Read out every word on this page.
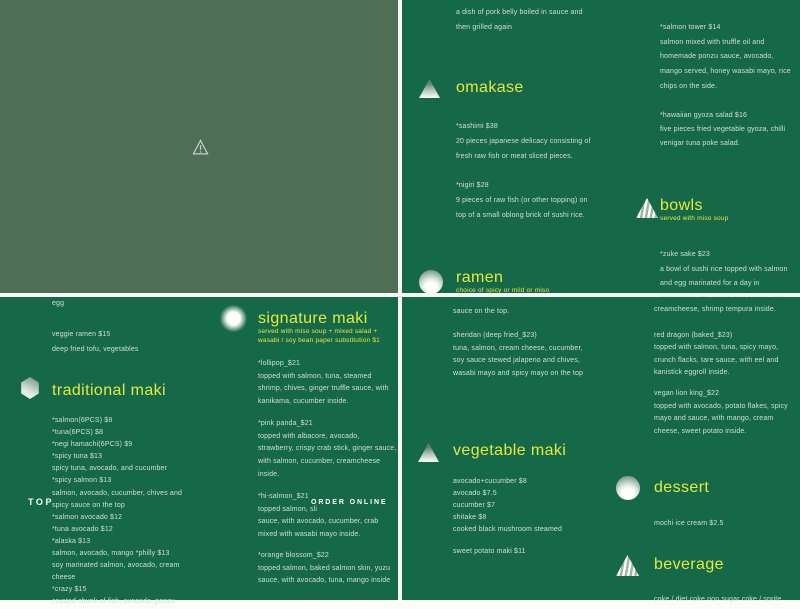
a dish of pork belly boiled in sauce and
then grilled again
omakase
*sashimi $38
20 pieces japanese delicacy consisting of
fresh raw fish or meat sliced pieces.
*nigiri $28
9 pieces of raw fish (or other topping) on
top of a small oblong brick of sushi rice.
ramen
choice of spicy or mild or miso
*salmon tower $14
salmon mixed with truffle oil and
homemade ponzu sauce, avocado,
mango served, honey wasabi mayo, rice
chips on the side.
*hawaiian gyoza salad $16
five pieces fried vegetable gyoza, chilli
venigar tuna poke salad.
bowls
served with miso soup
*zuke sake $23
a bowl of sushi rice topped with salmon
and egg marinated for a day in
egg
veggie ramen $15
deep fried tofu, vegetables
traditional maki
*salmon(6PCS) $8
*tuna(6PCS) $8
*negi hamachi(6PCS) $9
*spicy tuna $13
spicy tuna, avocado, and cucumber
*spicy salmon $13
salmon, avocado, cucumber, chives and
spicy sauce on the top
*salmon avocado $12
*tuna avocado $12
*alaska $13
salmon, avocado, mango *philly $13
soy marinated salmon, avocado, cream
cheese
*crazy $15
crusted chunk of fish, avocado, ponzu
signature maki
served with miso soup + mixed salad +
wasabi / soy bean paper substitution $1
*lollipop_$21
topped with salmon, tuna, steamed
shrimp, chives, ginger truffle sauce, with
kanikama, cucumber inside.
*pink panda_$21
topped with albacore, avocado,
strawberry, crispy crab stick, ginger sauce,
with salmon, cucumber, creamcheese
inside.
*hi-salmon_$21
topped salmon, sli
sauce, with avocado, cucumber, crab
mixed with wasabi mayo inside.
*orange blossom_$22
topped salmon, baked salmon skin, yuzu
sauce, with avocado, tuna, mango inside
sauce on the top.
sheridan (deep fried_$23)
tuna, salmon, cream cheese, cucumber,
soy sauce stewed jalapeno and chives,
wasabi mayo and spicy mayo on the top
vegetable maki
avocado+cucumber $8
avocado $7.5
cucumber $7
shitake $8
cooked black mushroom steamed
sweet potato maki $11
creamcheese, shrimp tempura inside.
red dragon (baked_$23)
topped with salmon, tuna, spicy mayo,
crunch flacks, tare sauce, with eel and
kanistick eggroll inside.
vegan lion king_$22
topped with avocado, potato flakes, spicy
mayo and sauce, with mango, cream
cheese, sweet potato inside.
dessert
mochi ice cream $2.5
beverage
coke / diet coke non sugar coke / sprite
TOP	ORDER ONLINE
